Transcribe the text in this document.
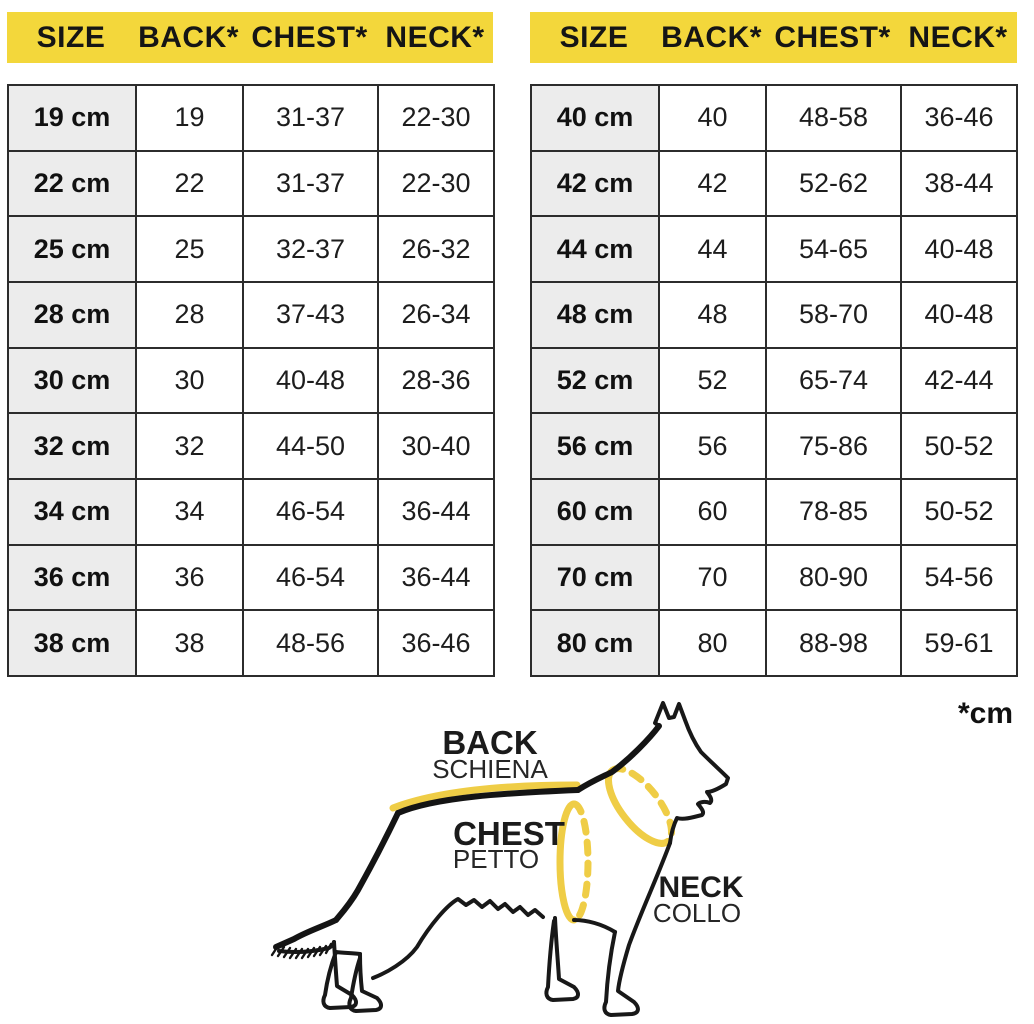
SIZE	BACK* CHEST* NECK*
19 cm	19	31-37	22-30
22 cm	22	31-37	22-30
25 cm	25	32-37	26-32
28 cm	28	37-43	26-34
30 cm	30	40-48	28-36
32 cm	32	44-50	30-40
34 cm	34	46-54	36-44
36 cm	36	46-54	36-44
38 cm	38	48-56	36-46
SIZE	BACK* CHEST* NECK*
40 cm	40	48-58	36-46
42 cm	42	52-62	38-44
44 cm	44	54-65	40-48
48 cm	48	58-70	40-48
52 cm	52	65-74	42-44
56 cm	56	75-86	50-52
60 cm	60	78-85	50-52
70 cm	70	80-90	54-56
80 cm	80	88-98	59-61
*cm
BACK
SCHIENA
CHEST
PETTO
NECK
COLLO
